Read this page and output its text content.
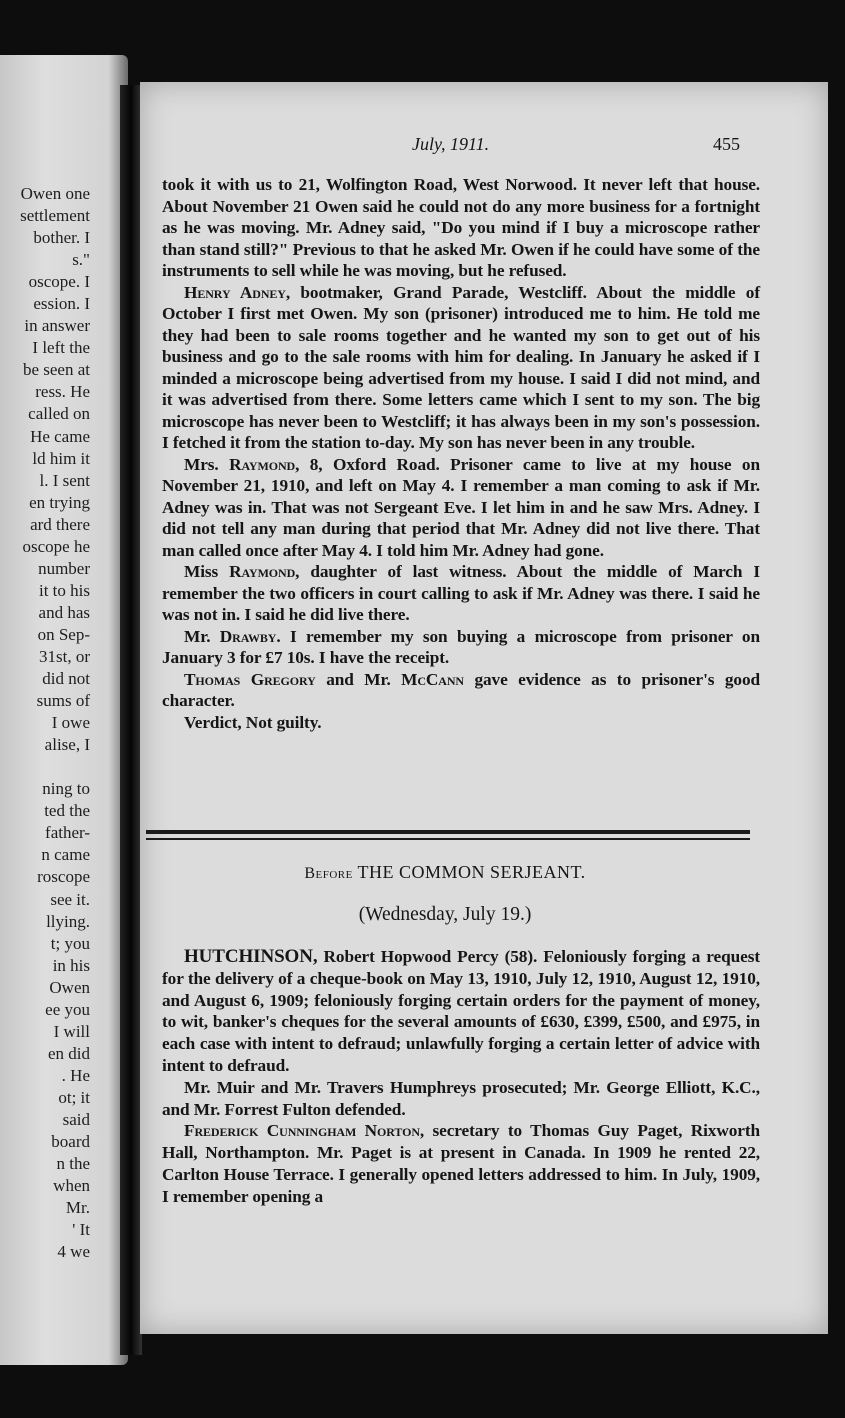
Owen one
settlement
bother. I
s."
oscope. I
ession. I
in answer
I left the
be seen at
ress. He
called on
He came
ld him it
l. I sent
en trying
ard there
oscope he
number
it to his
and has
on Sep-
31st, or
did not
sums of
I owe
alise, I

ning to
ted the
father-
n came
roscope
see it.
llying.
t; you
in his
Owen
ee you
I will
en did
. He
ot; it
said
board
n the
when
Mr.
' It
4 we
July, 1911.	455

took it with us to 21, Wolfington Road, West Norwood. It never left that house. About November 21 Owen said he could not do any more business for a fortnight as he was moving. Mr. Adney said, "Do you mind if I buy a microscope rather than stand still?" Previous to that he asked Mr. Owen if he could have some of the instruments to sell while he was moving, but he refused.

Henry Adney, bootmaker, Grand Parade, Westcliff. About the middle of October I first met Owen. My son (prisoner) introduced me to him. He told me they had been to sale rooms together and he wanted my son to get out of his business and go to the sale rooms with him for dealing. In January he asked if I minded a microscope being advertised from my house. I said I did not mind, and it was advertised from there. Some letters came which I sent to my son. The big microscope has never been to Westcliff; it has always been in my son's possession. I fetched it from the station to-day. My son has never been in any trouble.

Mrs. Raymond, 8, Oxford Road. Prisoner came to live at my house on November 21, 1910, and left on May 4. I remember a man coming to ask if Mr. Adney was in. That was not Sergeant Eve. I let him in and he saw Mrs. Adney. I did not tell any man during that period that Mr. Adney did not live there. That man called once after May 4. I told him Mr. Adney had gone.

Miss Raymond, daughter of last witness. About the middle of March I remember the two officers in court calling to ask if Mr. Adney was there. I said he was not in. I said he did live there.

Mr. Drawby. I remember my son buying a microscope from prisoner on January 3 for £7 10s. I have the receipt.

Thomas Gregory and Mr. McCann gave evidence as to prisoner's good character.

Verdict, Not guilty.

Before THE COMMON SERJEANT.
(Wednesday, July 19.)

HUTCHINSON, Robert Hopwood Percy (58). Feloniously forging a request for the delivery of a cheque-book on May 13, 1910, July 12, 1910, August 12, 1910, and August 6, 1909; feloniously forging certain orders for the payment of money, to wit, banker's cheques for the several amounts of £630, £399, £500, and £975, in each case with intent to defraud; unlawfully forging a certain letter of advice with intent to defraud.

Mr. Muir and Mr. Travers Humphreys prosecuted; Mr. George Elliott, K.C., and Mr. Forrest Fulton defended.

Frederick Cunningham Norton, secretary to Thomas Guy Paget, Rixworth Hall, Northampton. Mr. Paget is at present in Canada. In 1909 he rented 22, Carlton House Terrace. I generally opened letters addressed to him. In July, 1909, I remember opening a
